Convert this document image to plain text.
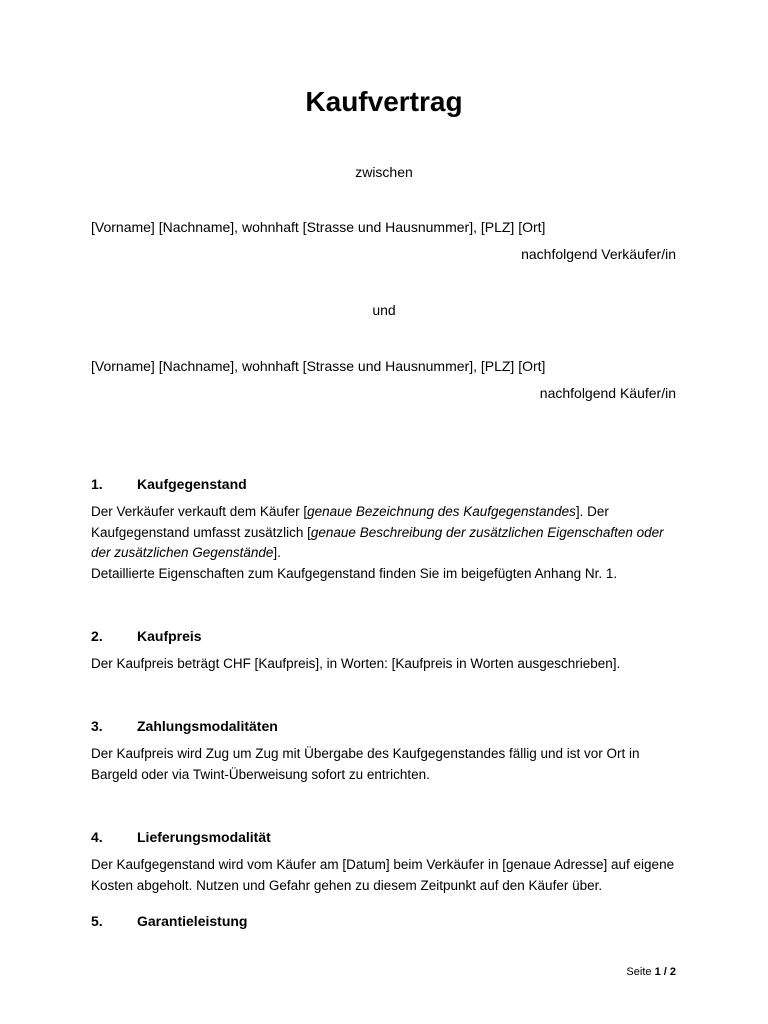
Kaufvertrag
zwischen
[Vorname] [Nachname], wohnhaft [Strasse und Hausnummer], [PLZ] [Ort]
nachfolgend Verkäufer/in
und
[Vorname] [Nachname], wohnhaft [Strasse und Hausnummer], [PLZ] [Ort]
nachfolgend Käufer/in
1. Kaufgegenstand

Der Verkäufer verkauft dem Käufer [genaue Bezeichnung des Kaufgegenstandes]. Der Kaufgegenstand umfasst zusätzlich [genaue Beschreibung der zusätzlichen Eigenschaften oder der zusätzlichen Gegenstände].

Detaillierte Eigenschaften zum Kaufgegenstand finden Sie im beigefügten Anhang Nr. 1.

2. Kaufpreis

Der Kaufpreis beträgt CHF [Kaufpreis], in Worten: [Kaufpreis in Worten ausgeschrieben].

3. Zahlungsmodalitäten

Der Kaufpreis wird Zug um Zug mit Übergabe des Kaufgegenstandes fällig und ist vor Ort in Bargeld oder via Twint-Überweisung sofort zu entrichten.

4. Lieferungsmodalität

Der Kaufgegenstand wird vom Käufer am [Datum] beim Verkäufer in [genaue Adresse] auf eigene Kosten abgeholt. Nutzen und Gefahr gehen zu diesem Zeitpunkt auf den Käufer über.

5. Garantieleistung
Seite 1 / 2
